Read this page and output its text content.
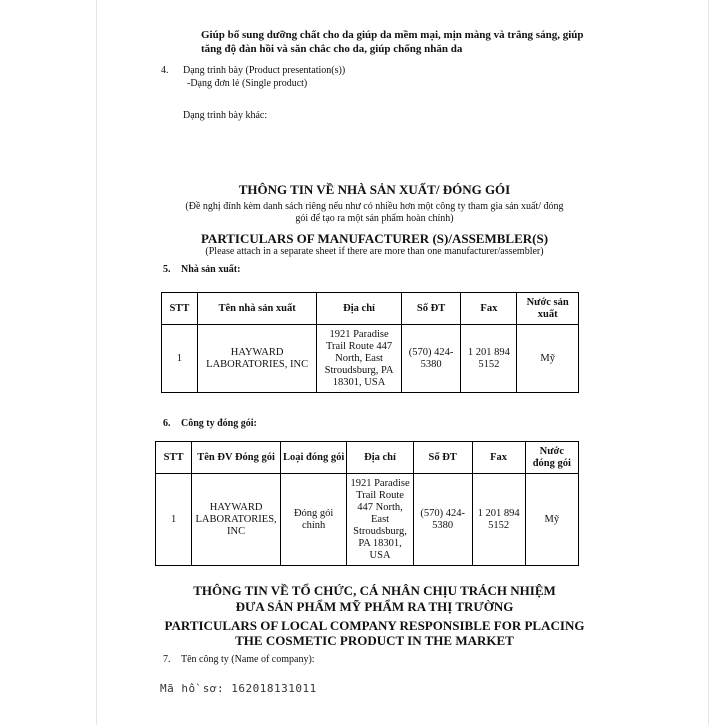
Giúp bổ sung dưỡng chất cho da giúp da mềm mại, mịn màng và trắng sáng, giúp
tăng độ đàn hồi và săn chắc cho da, giúp chống nhăn da
4. Dạng trình bày (Product presentation(s))
-Dạng đơn lẻ (Single product)
Dạng trình bày khác:
THÔNG TIN VỀ NHÀ SẢN XUẤT/ ĐÓNG GÓI
(Đề nghị đính kèm danh sách riêng nếu như có nhiều hơn một công ty tham gia sản xuất/ đóng
gói để tạo ra một sản phẩm hoàn chỉnh)
PARTICULARS OF MANUFACTURER (S)/ASSEMBLER(S)
(Please attach in a separate sheet if there are more than one manufacturer/assembler)
5. Nhà sản xuất:
STT	Tên nhà sản xuất	Địa chỉ	Số ĐT	Fax	Nước sản xuất
1	HAYWARD LABORATORIES, INC	1921 Paradise Trail Route 447 North, East Stroudsburg, PA 18301, USA	(570) 424-5380	1 201 894 5152	Mỹ
6. Công ty đóng gói:
STT	Tên ĐV Đóng gói	Loại đóng gói	Địa chỉ	Số ĐT	Fax	Nước đóng gói
1	HAYWARD LABORATORIES, INC	Đóng gói chính	1921 Paradise Trail Route 447 North, East Stroudsburg, PA 18301, USA	(570) 424-5380	1 201 894 5152	Mỹ
THÔNG TIN VỀ TỔ CHỨC, CÁ NHÂN CHỊU TRÁCH NHIỆM
ĐƯA SẢN PHẨM MỸ PHẨM RA THỊ TRƯỜNG
PARTICULARS OF LOCAL COMPANY RESPONSIBLE FOR PLACING
THE COSMETIC PRODUCT IN THE MARKET
7. Tên công ty (Name of company):
Mã hồ sơ: 162018131011
